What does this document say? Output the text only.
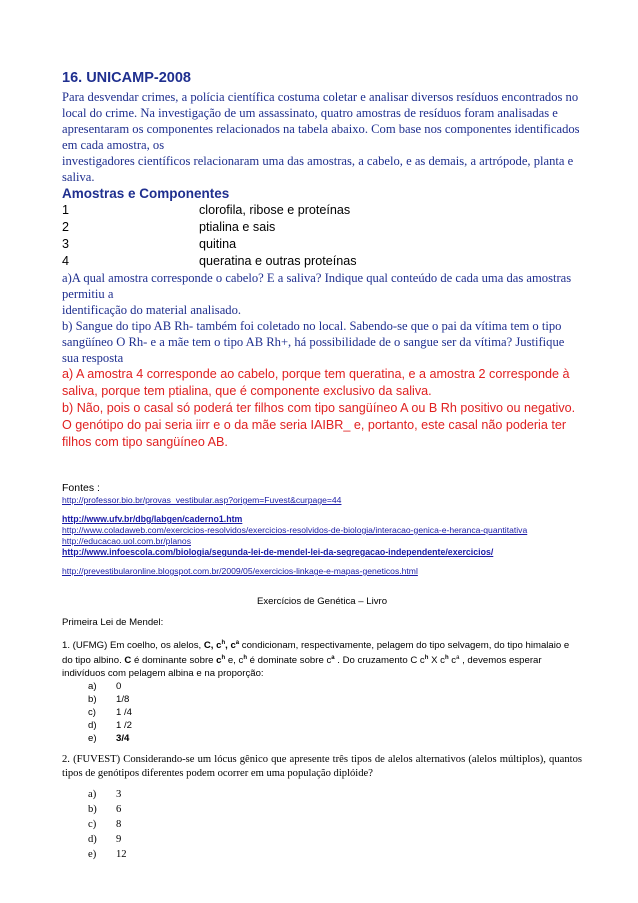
16. UNICAMP-2008

Para desvendar crimes, a polícia científica costuma coletar e analisar diversos resíduos encontrados no local do crime. Na investigação de um assassinato, quatro amostras de resíduos foram analisadas e apresentaram os componentes relacionados na tabela abaixo. Com base nos componentes identificados em cada amostra, os

investigadores científicos relacionaram uma das amostras, a cabelo, e as demais, a artrópode, planta e saliva.

Amostras e Componentes
1	clorofila, ribose e proteínas
2	ptialina e sais
3	quitina
4	queratina e outras proteínas

a)A qual amostra corresponde o cabelo? E a saliva? Indique qual conteúdo de cada uma das amostras permitiu a

identificação do material analisado.

b) Sangue do tipo AB Rh- também foi coletado no local. Sabendo-se que o pai da vítima tem o tipo sangüíneo O Rh- e a mãe tem o tipo AB Rh+, há possibilidade de o sangue ser da vítima? Justifique sua resposta

a) A amostra 4 corresponde ao cabelo, porque tem queratina, e a amostra 2 corresponde à saliva, porque tem ptialina, que é componente exclusivo da saliva.

b) Não, pois o casal só poderá ter filhos com tipo sangüíneo A ou B Rh positivo ou negativo. O genótipo do pai seria iirr e o da mãe seria IAIBR_ e, portanto, este casal não poderia ter filhos com tipo sangüíneo AB.

Fontes :
http://professor.bio.br/provas_vestibular.asp?origem=Fuvest&curpage=44
http://www.ufv.br/dbg/labgen/caderno1.htm
http://www.coladaweb.com/exercicios-resolvidos/exercicios-resolvidos-de-biologia/interacao-genica-e-heranca-quantitativa
http://educacao.uol.com.br/planos
http://www.infoescola.com/biologia/segunda-lei-de-mendel-lei-da-segregacao-independente/exercicios/
http://prevestibularonline.blogspot.com.br/2009/05/exercicios-linkage-e-mapas-geneticos.html
Exercícios de Genética – Livro
Primeira Lei de Mendel:
1. (UFMG) Em coelho, os alelos, C, $c^h$, $c^a$ condicionam, respectivamente, pelagem do tipo selvagem, do tipo himalaio e do tipo albino. C é dominante sobre $c^h$ e, $c^h$ é dominate sobre $c^a$ . Do cruzamento C $c^h$ X $c^h$ $c^a$ , devemos esperar indivíduos com pelagem albina e na proporção:
a)	0
b)	1/8
c)	1 /4
d)	1 /2
e)	3/4
2. (FUVEST) Considerando-se um lócus gênico que apresente três tipos de alelos alternativos (alelos múltiplos), quantos tipos de genótipos diferentes podem ocorrer em uma população diplóide?
a)	3
b)	6
c)	8
d)	9
e)	12
